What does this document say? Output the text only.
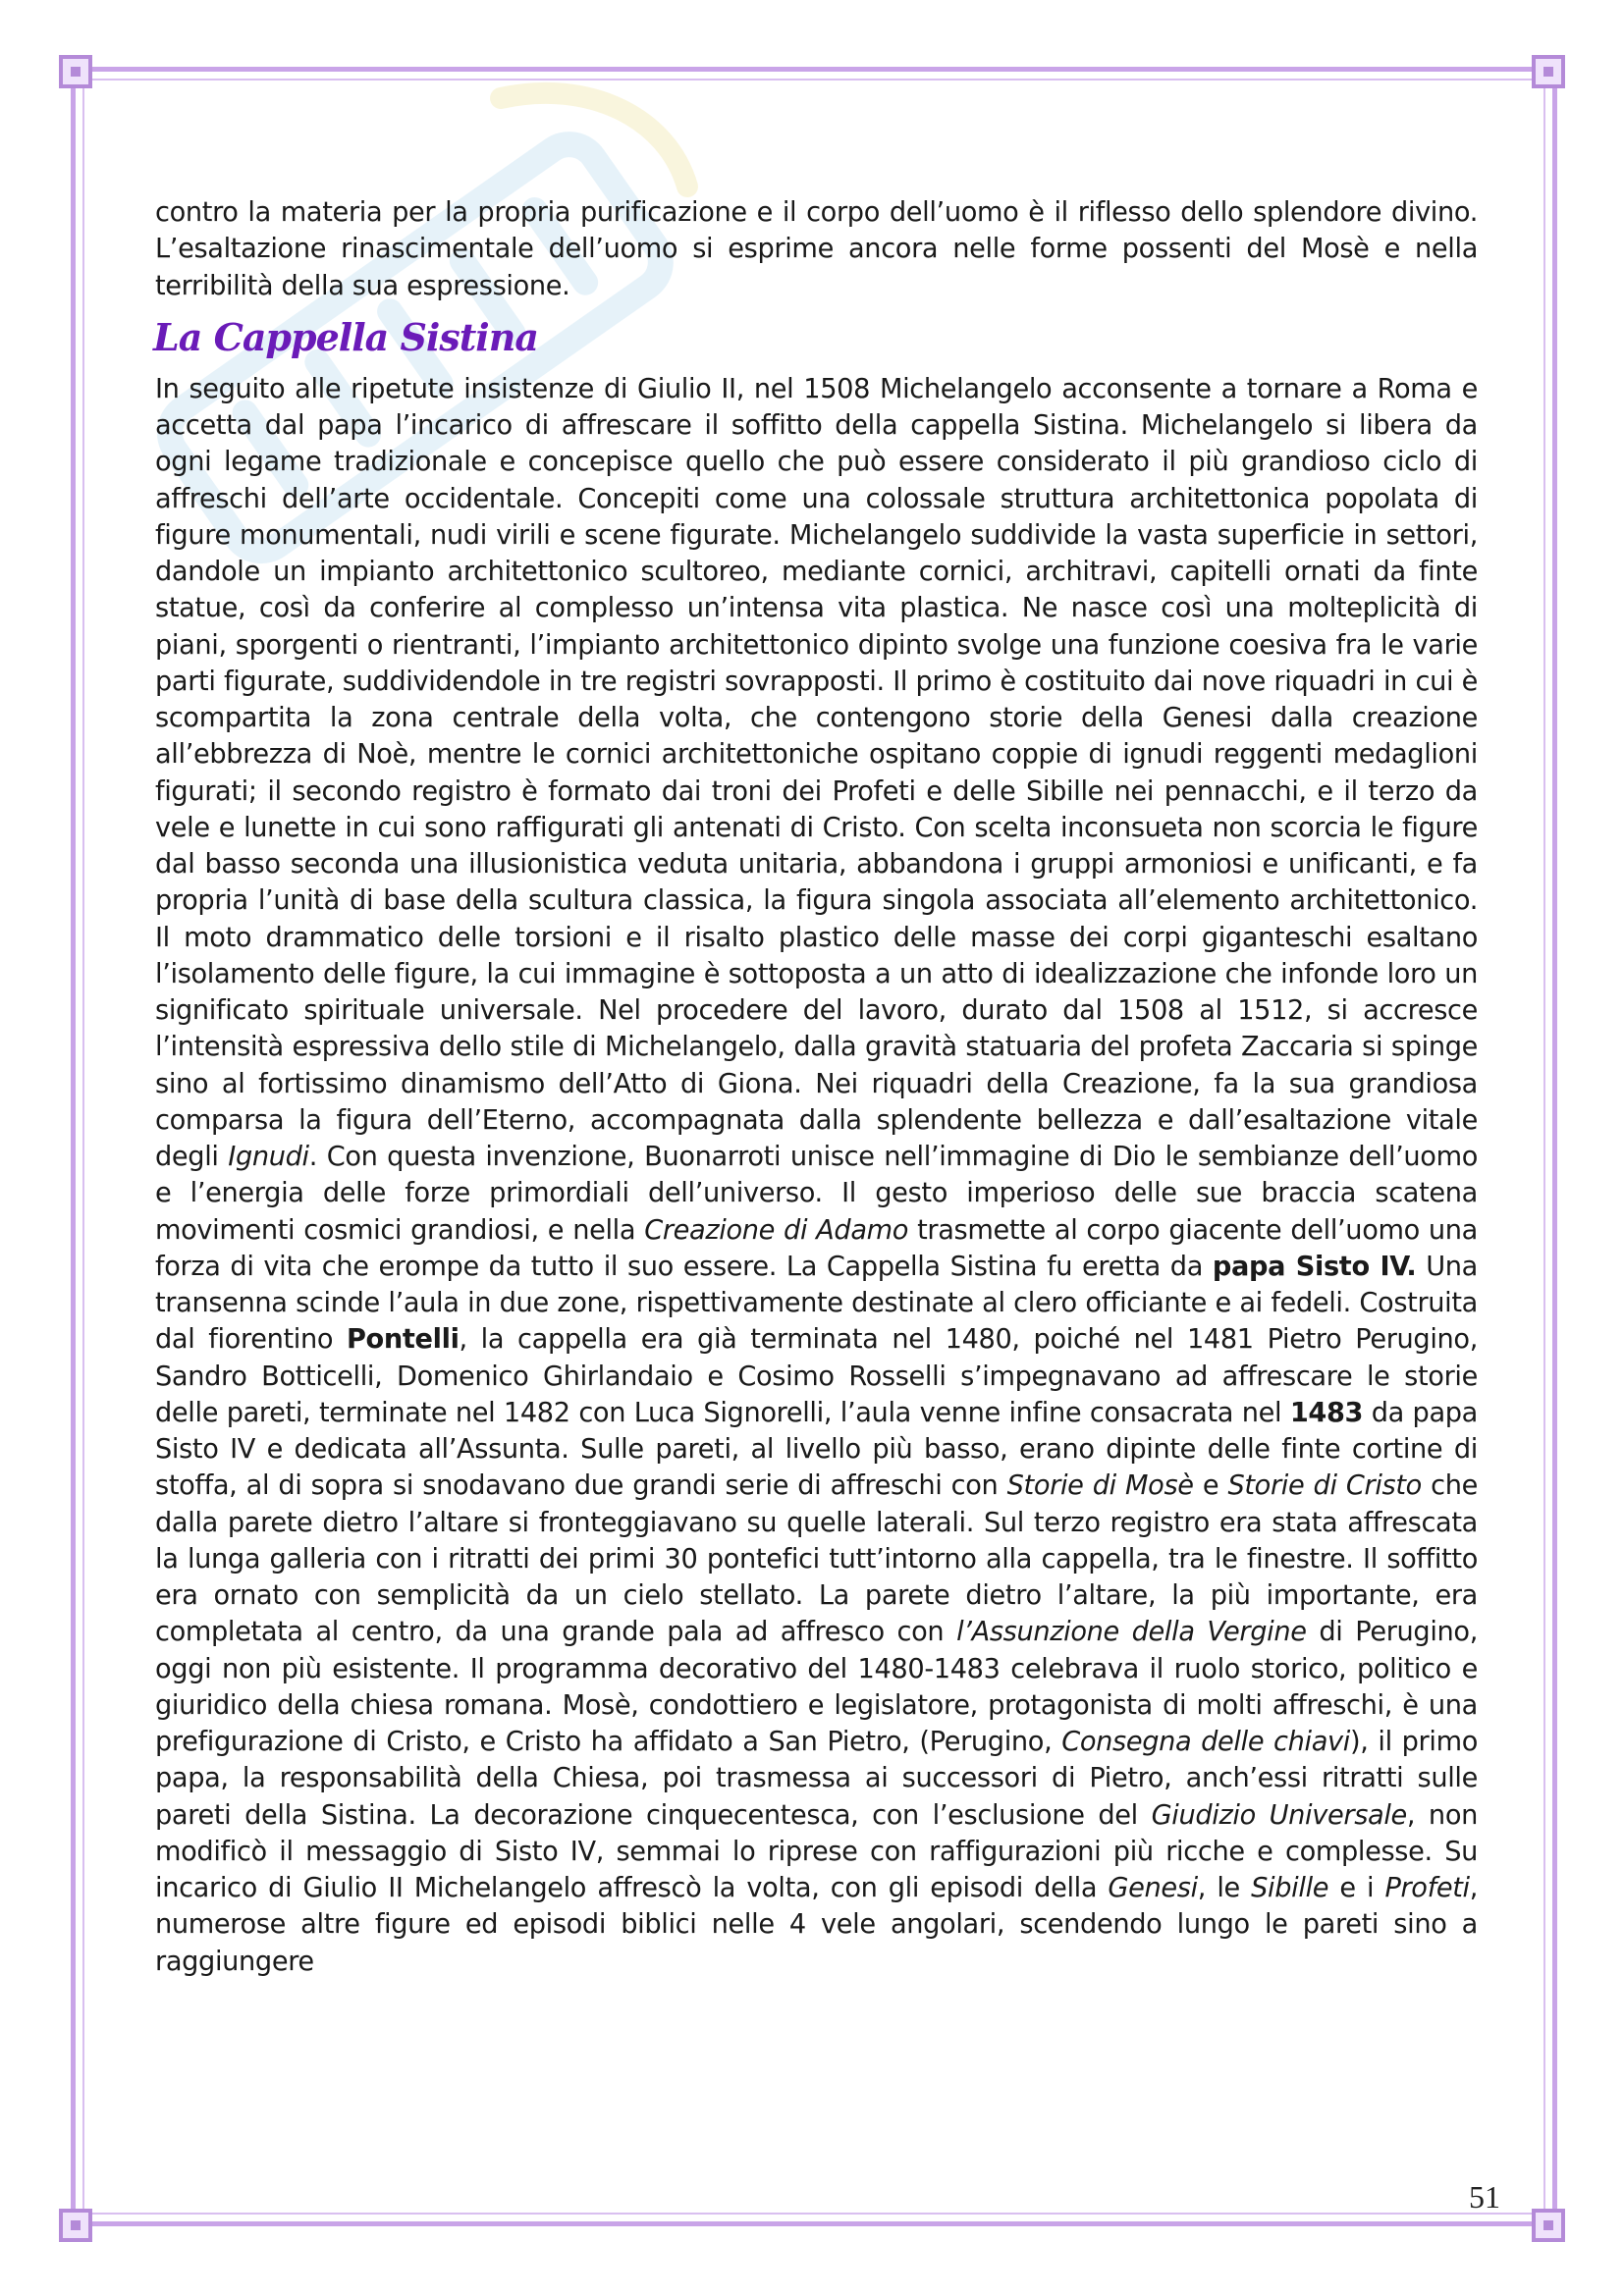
contro la materia per la propria purificazione e il corpo dell’uomo è il riflesso dello splendore divino. L’esaltazione rinascimentale dell’uomo si esprime ancora nelle forme possenti del Mosè e nella terribilità della sua espressione.

La Cappella Sistina

In seguito alle ripetute insistenze di Giulio II, nel 1508 Michelangelo acconsente a tornare a Roma e accetta dal papa l’incarico di affrescare il soffitto della cappella Sistina. Michelangelo si libera da ogni legame tradizionale e concepisce quello che può essere considerato il più grandioso ciclo di affreschi dell’arte occidentale. Concepiti come una colossale struttura architettonica popolata di figure monumentali, nudi virili e scene figurate. Michelangelo suddivide la vasta superficie in settori, dandole un impianto architettonico scultoreo, mediante cornici, architravi, capitelli ornati da finte statue, così da conferire al complesso un’intensa vita plastica. Ne nasce così una molteplicità di piani, sporgenti o rientranti, l’impianto architettonico dipinto svolge una funzione coesiva fra le varie parti figurate, suddividendole in tre registri sovrapposti. Il primo è costituito dai nove riquadri in cui è scompartita la zona centrale della volta, che contengono storie della Genesi dalla creazione all’ebbrezza di Noè, mentre le cornici architettoniche ospitano coppie di ignudi reggenti medaglioni figurati; il secondo registro è formato dai troni dei Profeti e delle Sibille nei pennacchi, e il terzo da vele e lunette in cui sono raffigurati gli antenati di Cristo. Con scelta inconsueta non scorcia le figure dal basso seconda una illusionistica veduta unitaria, abbandona i gruppi armoniosi e unificanti, e fa propria l’unità di base della scultura classica, la figura singola associata all’elemento architettonico. Il moto drammatico delle torsioni e il risalto plastico delle masse dei corpi giganteschi esaltano l’isolamento delle figure, la cui immagine è sottoposta a un atto di idealizzazione che infonde loro un significato spirituale universale. Nel procedere del lavoro, durato dal 1508 al 1512, si accresce l’intensità espressiva dello stile di Michelangelo, dalla gravità statuaria del profeta Zaccaria si spinge sino al fortissimo dinamismo dell’Atto di Giona. Nei riquadri della Creazione, fa la sua grandiosa comparsa la figura dell’Eterno, accompagnata dalla splendente bellezza e dall’esaltazione vitale degli Ignudi. Con questa invenzione, Buonarroti unisce nell’immagine di Dio le sembianze dell’uomo e l’energia delle forze primordiali dell’universo. Il gesto imperioso delle sue braccia scatena movimenti cosmici grandiosi, e nella Creazione di Adamo trasmette al corpo giacente dell’uomo una forza di vita che erompe da tutto il suo essere. La Cappella Sistina fu eretta da papa Sisto IV. Una transenna scinde l’aula in due zone, rispettivamente destinate al clero officiante e ai fedeli. Costruita dal fiorentino Pontelli, la cappella era già terminata nel 1480, poiché nel 1481 Pietro Perugino, Sandro Botticelli, Domenico Ghirlandaio e Cosimo Rosselli s’impegnavano ad affrescare le storie delle pareti, terminate nel 1482 con Luca Signorelli, l’aula venne infine consacrata nel 1483 da papa Sisto IV e dedicata all’Assunta. Sulle pareti, al livello più basso, erano dipinte delle finte cortine di stoffa, al di sopra si snodavano due grandi serie di affreschi con Storie di Mosè e Storie di Cristo che dalla parete dietro l’altare si fronteggiavano su quelle laterali. Sul terzo registro era stata affrescata la lunga galleria con i ritratti dei primi 30 pontefici tutt’intorno alla cappella, tra le finestre. Il soffitto era ornato con semplicità da un cielo stellato. La parete dietro l’altare, la più importante, era completata al centro, da una grande pala ad affresco con l’Assunzione della Vergine di Perugino, oggi non più esistente. Il programma decorativo del 1480-1483 celebrava il ruolo storico, politico e giuridico della chiesa romana. Mosè, condottiero e legislatore, protagonista di molti affreschi, è una prefigurazione di Cristo, e Cristo ha affidato a San Pietro, (Perugino, Consegna delle chiavi), il primo papa, la responsabilità della Chiesa, poi trasmessa ai successori di Pietro, anch’essi ritratti sulle pareti della Sistina. La decorazione cinquecentesca, con l’esclusione del Giudizio Universale, non modificò il messaggio di Sisto IV, semmai lo riprese con raffigurazioni più ricche e complesse. Su incarico di Giulio II Michelangelo affrescò la volta, con gli episodi della Genesi, le Sibille e i Profeti, numerose altre figure ed episodi biblici nelle 4 vele angolari, scendendo lungo le pareti sino a raggiungere

51
